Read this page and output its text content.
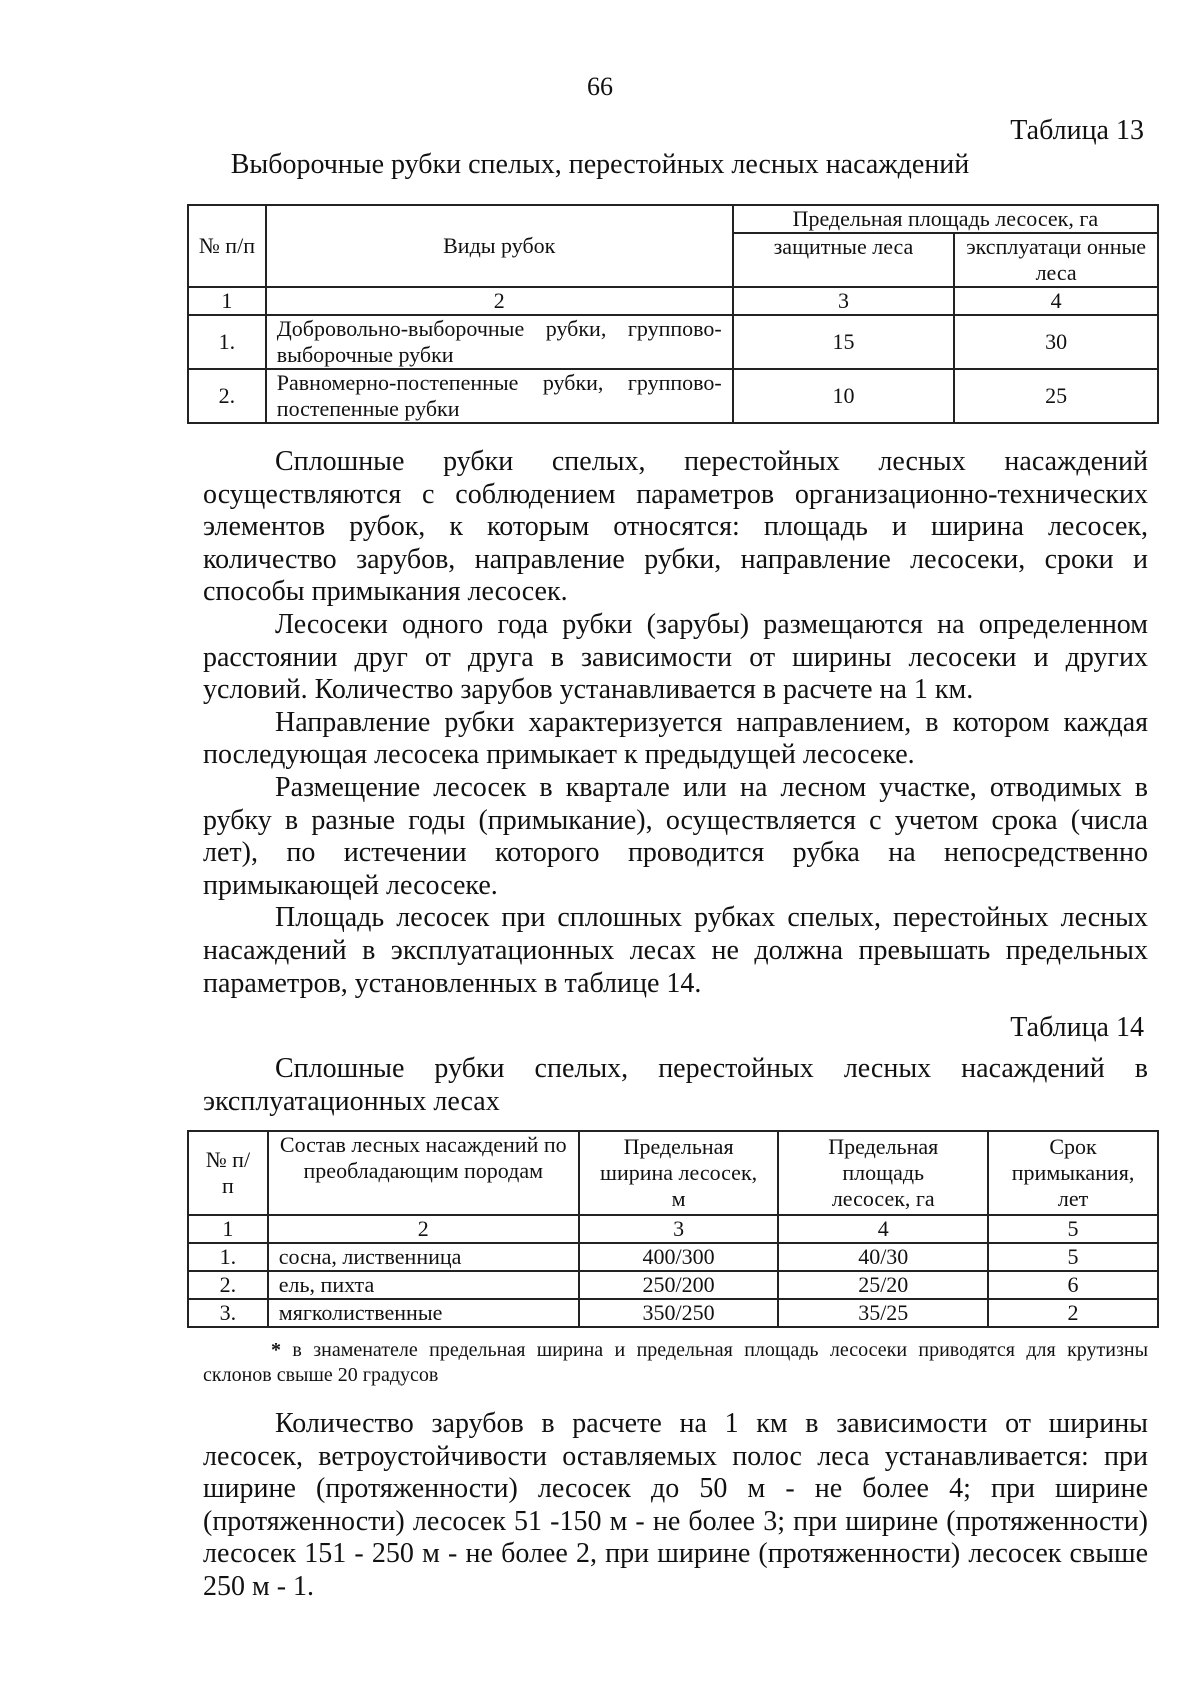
66
Таблица 13
Выборочные рубки спелых, перестойных лесных насаждений
№ п/п	Виды рубок	Предельная площадь лесосек, га	
		защитные леса	эксплуатаци онные леса
1	2	3	4
1.	Добровольно-выборочные рубки, группово-выборочные рубки	15	30
2.	Равномерно-постепенные рубки, группово-постепенные рубки	10	25

Сплошные рубки спелых, перестойных лесных насаждений осуществляются с соблюдением параметров организационно-технических элементов рубок, к которым относятся: площадь и ширина лесосек, количество зарубов, направление рубки, направление лесосеки, сроки и способы примыкания лесосек.

Лесосеки одного года рубки (зарубы) размещаются на определенном расстоянии друг от друга в зависимости от ширины лесосеки и других условий. Количество зарубов устанавливается в расчете на 1 км.

Направление рубки характеризуется направлением, в котором каждая последующая лесосека примыкает к предыдущей лесосеке.

Размещение лесосек в квартале или на лесном участке, отводимых в рубку в разные годы (примыкание), осуществляется с учетом срока (числа лет), по истечении которого проводится рубка на непосредственно примыкающей лесосеке.

Площадь лесосек при сплошных рубках спелых, перестойных лесных насаждений в эксплуатационных лесах не должна превышать предельных параметров, установленных в таблице 14.

Таблица 14
Сплошные рубки спелых, перестойных лесных насаждений в эксплуатационных лесах
№ п/п	Состав лесных насаждений по преобладающим породам	Предельная ширина лесосек, м	Предельная площадь лесосек, га	Срок примыкания, лет
1	2	3	4	5
1.	сосна, лиственница	400/300	40/30	5
2.	ель, пихта	250/200	25/20	6
3.	мягколиственные	350/250	35/25	2
* в знаменателе предельная ширина и предельная площадь лесосеки приводятся для крутизны склонов свыше 20 градусов

Количество зарубов в расчете на 1 км в зависимости от ширины лесосек, ветроустойчивости оставляемых полос леса устанавливается: при ширине (протяженности) лесосек до 50 м - не более 4; при ширине (протяженности) лесосек 51 -150 м - не более 3; при ширине (протяженности) лесосек 151 - 250 м - не более 2, при ширине (протяженности) лесосек свыше 250 м - 1.
